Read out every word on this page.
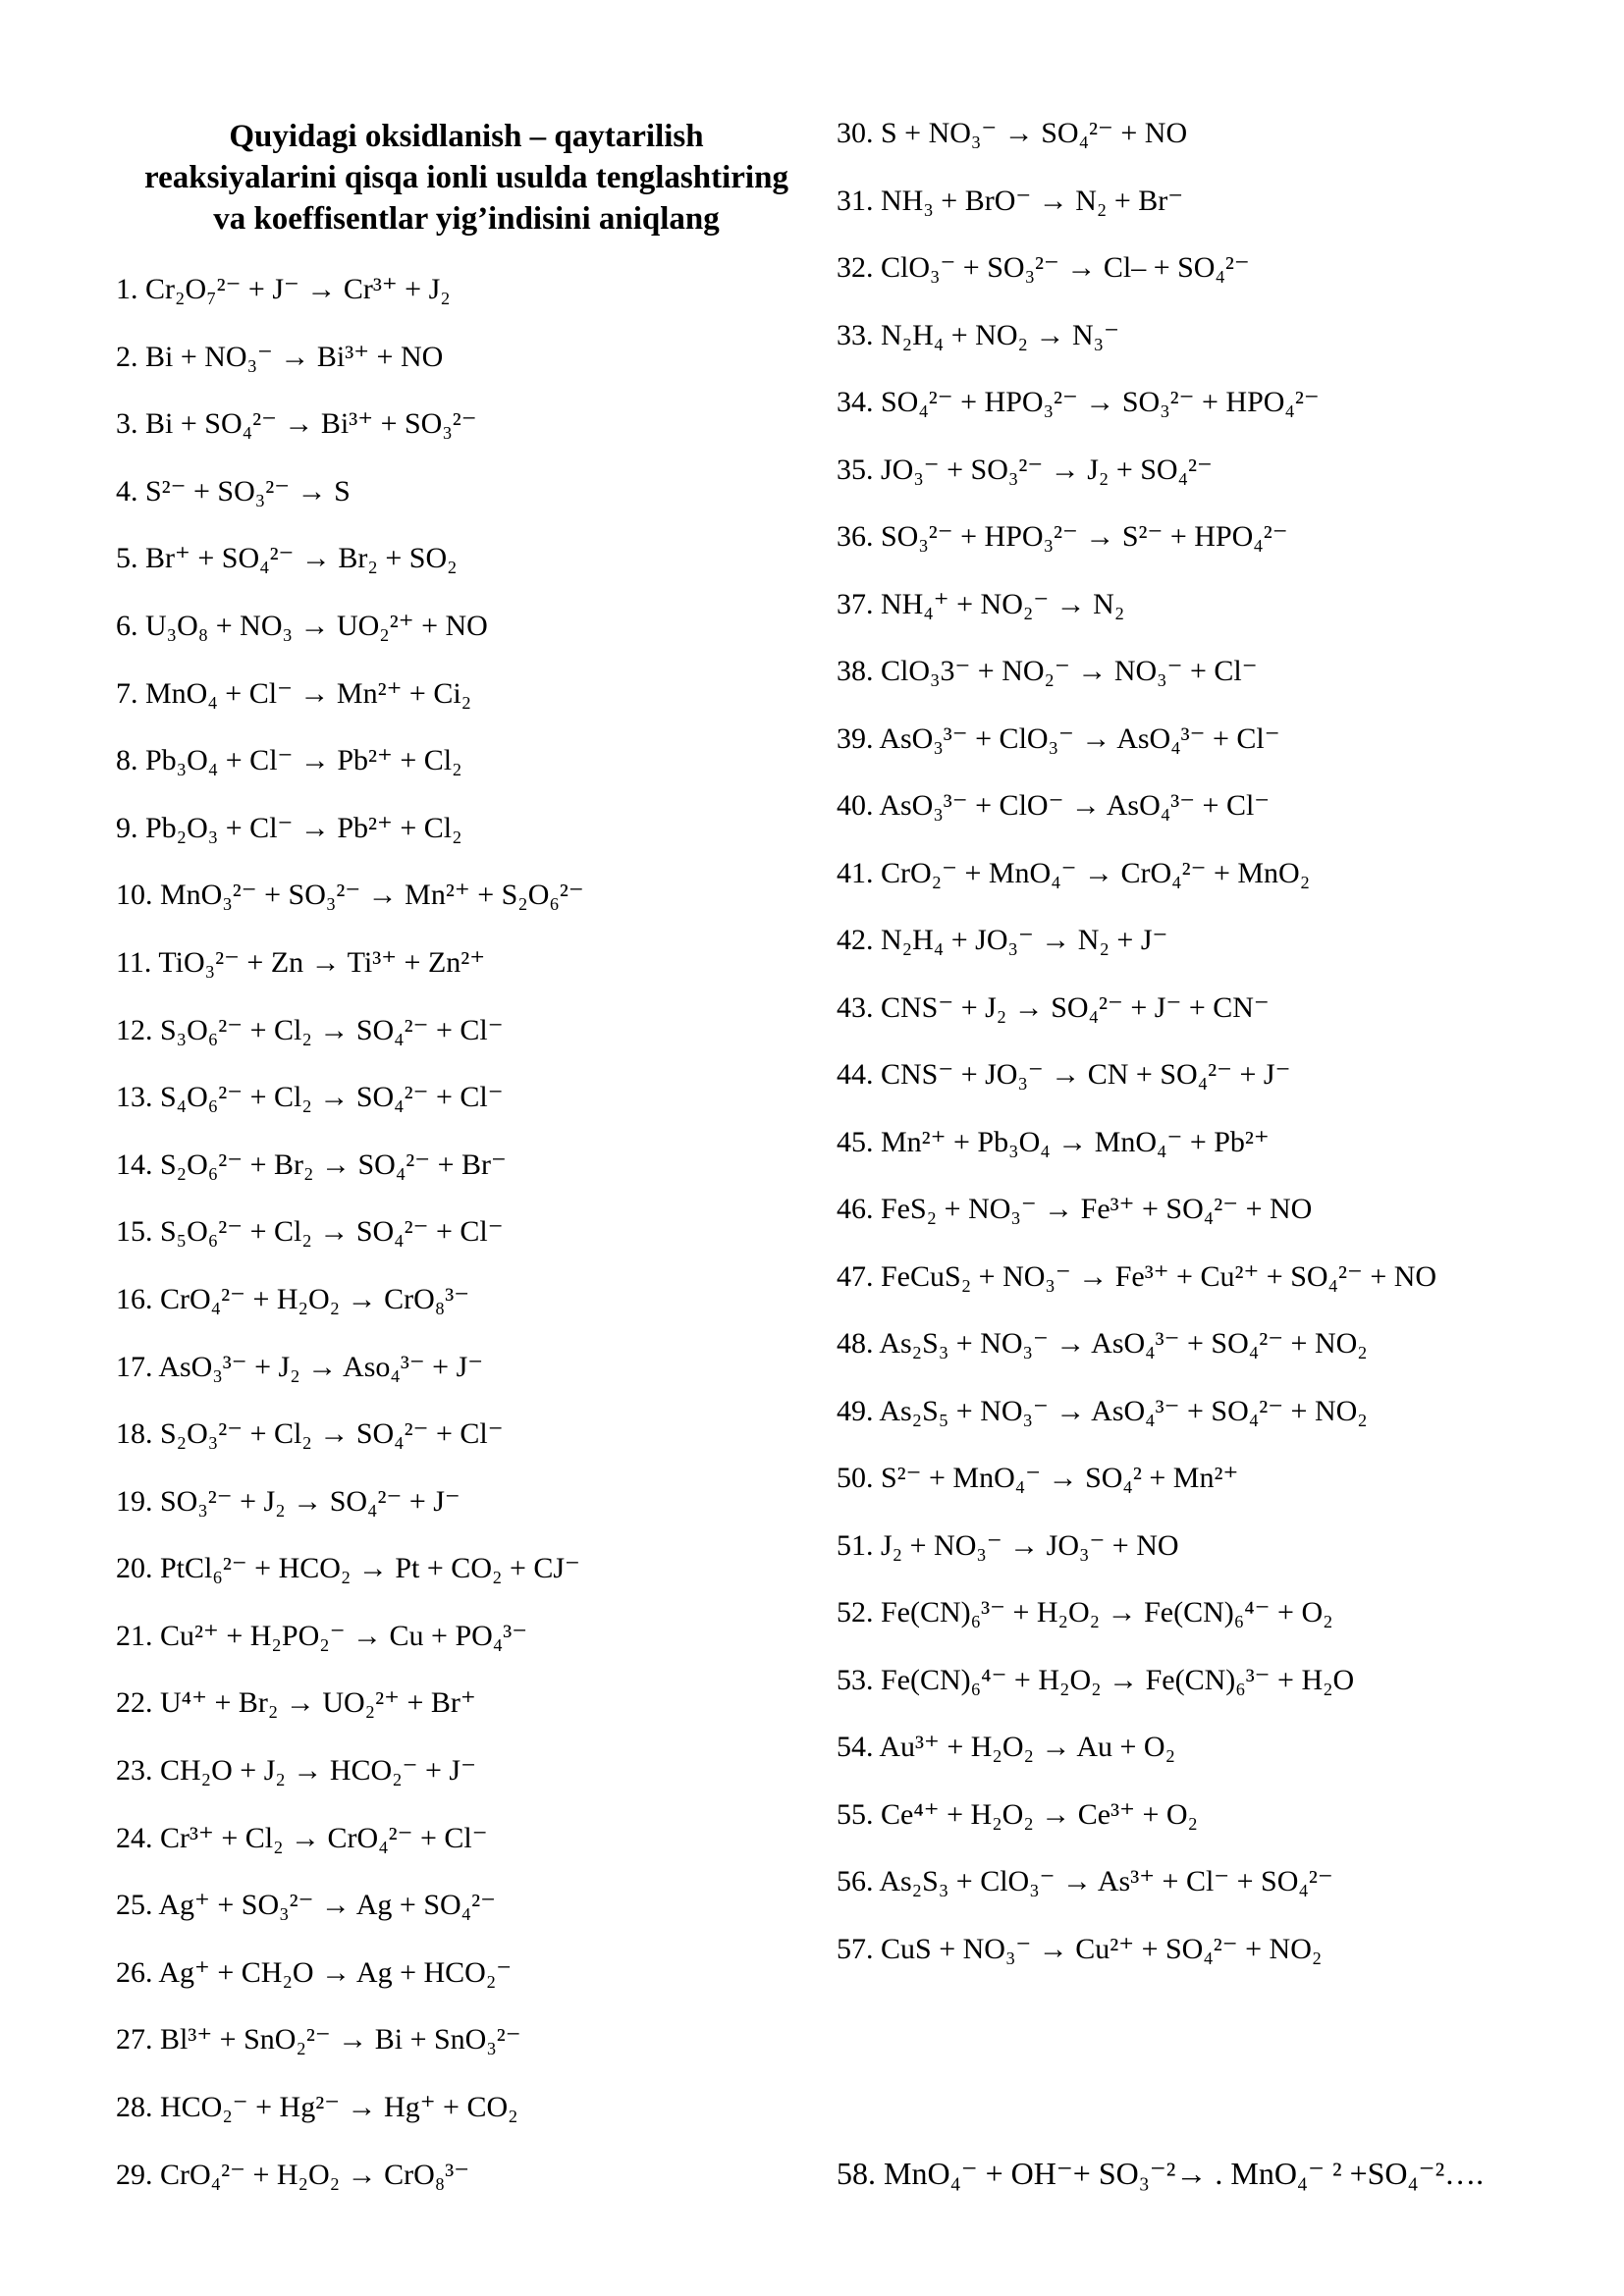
Quyidagi oksidlanish – qaytarilish
reaksiyalarini qisqa ionli usulda tenglashtiring
va koeffisentlar yig’indisini aniqlang
1. Cr₂O₇²⁻ + J⁻ → Cr³⁺ + J₂
2. Bi + NO₃⁻ → Bi³⁺ + NO
3. Bi + SO₄²⁻ → Bi³⁺ + SO₃²⁻
4. S²⁻ + SO₃²⁻ → S
5. Br⁺ + SO₄²⁻ → Br₂ + SO₂
6. U₃O₈ + NO₃ → UO₂²⁺ + NO
7. MnO₄ + Cl⁻ → Mn²⁺ + Ci₂
8. Pb₃O₄ + Cl⁻ → Pb²⁺ + Cl₂
9. Pb₂O₃ + Cl⁻ → Pb²⁺ + Cl₂
10. MnO₃²⁻ + SO₃²⁻ → Mn²⁺ + S₂O₆²⁻
11. TiO₃²⁻ + Zn → Ti³⁺ + Zn²⁺
12. S₃O₆²⁻ + Cl₂ → SO₄²⁻ + Cl⁻
13. S₄O₆²⁻ + Cl₂ → SO₄²⁻ + Cl⁻
14. S₂O₆²⁻ + Br₂ → SO₄²⁻ + Br⁻
15. S₅O₆²⁻ + Cl₂ → SO₄²⁻ + Cl⁻
16. CrO₄²⁻ + H₂O₂ → CrO₈³⁻
17. AsO₃³⁻ + J₂ → Aso₄³⁻ + J⁻
18. S₂O₃²⁻ + Cl₂ → SO₄²⁻ + Cl⁻
19. SO₃²⁻ + J₂ → SO₄²⁻ + J⁻
20. PtCl₆²⁻ + HCO₂ → Pt + CO₂ + CJ⁻
21. Cu²⁺ + H₂PO₂⁻ → Cu + PO₄³⁻
22. U⁴⁺ + Br₂ → UO₂²⁺ + Br⁺
23. CH₂O + J₂ → HCO₂⁻ + J⁻
24. Cr³⁺ + Cl₂ → CrO₄²⁻ + Cl⁻
25. Ag⁺ + SO₃²⁻ → Ag + SO₄²⁻
26. Ag⁺ + CH₂O → Ag + HCO₂⁻
27. Bl³⁺ + SnO₂²⁻ → Bi + SnO₃²⁻
28. HCO₂⁻ + Hg²⁻ → Hg⁺ + CO₂
29. CrO₄²⁻ + H₂O₂ → CrO₈³⁻
30. S + NO₃⁻ → SO₄²⁻ + NO
31. NH₃ + BrO⁻ → N₂ + Br⁻
32. ClO₃⁻ + SO₃²⁻ → Cl– + SO₄²⁻
33. N₂H₄ + NO₂ → N₃⁻
34. SO₄²⁻ + HPO₃²⁻ → SO₃²⁻ + HPO₄²⁻
35. JO₃⁻ + SO₃²⁻ → J₂ + SO₄²⁻
36. SO₃²⁻ + HPO₃²⁻ → S²⁻ + HPO₄²⁻
37. NH₄⁺ + NO₂⁻ → N₂
38. ClO₃3⁻ + NO₂⁻ → NO₃⁻ + Cl⁻
39. AsO₃³⁻ + ClO₃⁻ → AsO₄³⁻ + Cl⁻
40. AsO₃³⁻ + ClO⁻ → AsO₄³⁻ + Cl⁻
41. CrO₂⁻ + MnO₄⁻ → CrO₄²⁻ + MnO₂
42. N₂H₄ + JO₃⁻ → N₂ + J⁻
43. CNS⁻ + J₂ → SO₄²⁻ + J⁻ + CN⁻
44. CNS⁻ + JO₃⁻ → CN + SO₄²⁻ + J⁻
45. Mn²⁺ + Pb₃O₄ → MnO₄⁻ + Pb²⁺
46. FeS₂ + NO₃⁻ → Fe³⁺ + SO₄²⁻ + NO
47. FeCuS₂ + NO₃⁻ → Fe³⁺ + Cu²⁺ + SO₄²⁻ + NO
48. As₂S₃ + NO₃⁻ → AsO₄³⁻ + SO₄²⁻ + NO₂
49. As₂S₅ + NO₃⁻ → AsO₄³⁻ + SO₄²⁻ + NO₂
50. S²⁻ + MnO₄⁻ → SO₄² + Mn²⁺
51. J₂ + NO₃⁻ → JO₃⁻ + NO
52. Fe(CN)₆³⁻ + H₂O₂ → Fe(CN)₆⁴⁻ + O₂
53. Fe(CN)₆⁴⁻ + H₂O₂ → Fe(CN)₆³⁻ + H₂O
54. Au³⁺ + H₂O₂ → Au + O₂
55. Ce⁴⁺ + H₂O₂ → Ce³⁺ + O₂
56. As₂S₃ + ClO₃⁻ → As³⁺ + Cl⁻ + SO₄²⁻
57. CuS + NO₃⁻ → Cu²⁺ + SO₄²⁻ + NO₂
58. MnO₄⁻ + OH⁻+ SO₃⁻²→ . MnO₄⁻ ² +SO₄⁻²….
